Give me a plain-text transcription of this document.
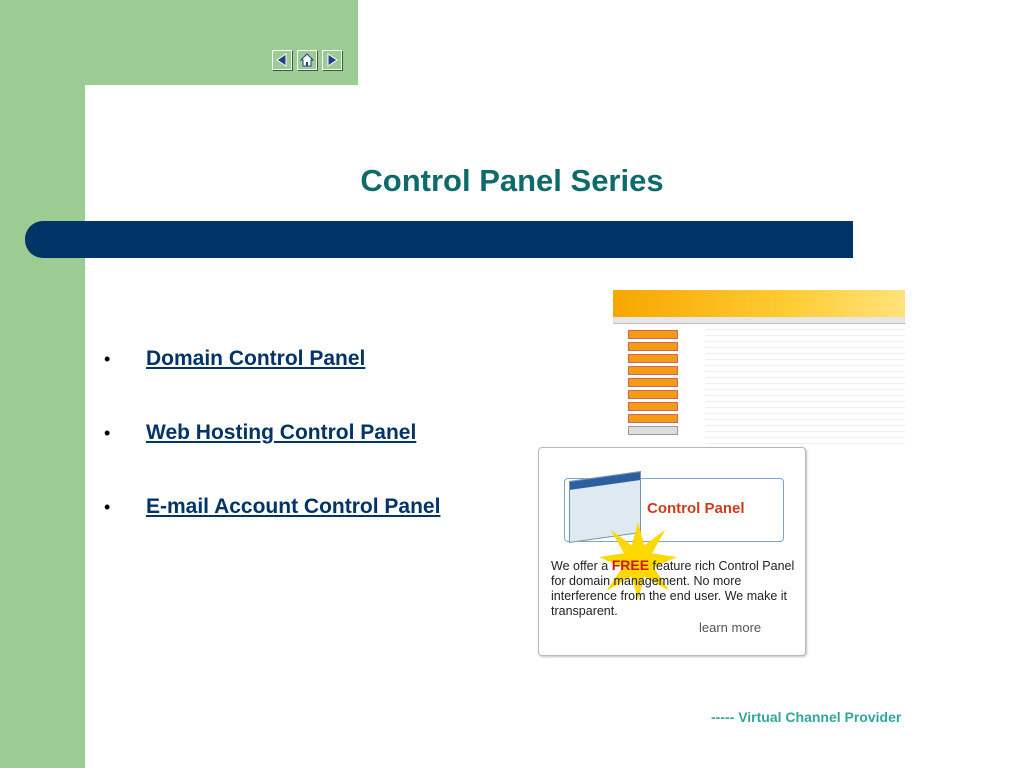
Control Panel Series
•	Domain Control Panel
•	Web Hosting Control Panel
•	E-mail Account Control Panel	Control Panel
We offer a FREE feature rich Control Panel for domain management. No more interference from the end user. We make it transparent.
learn more
----- Virtual Channel Provider
